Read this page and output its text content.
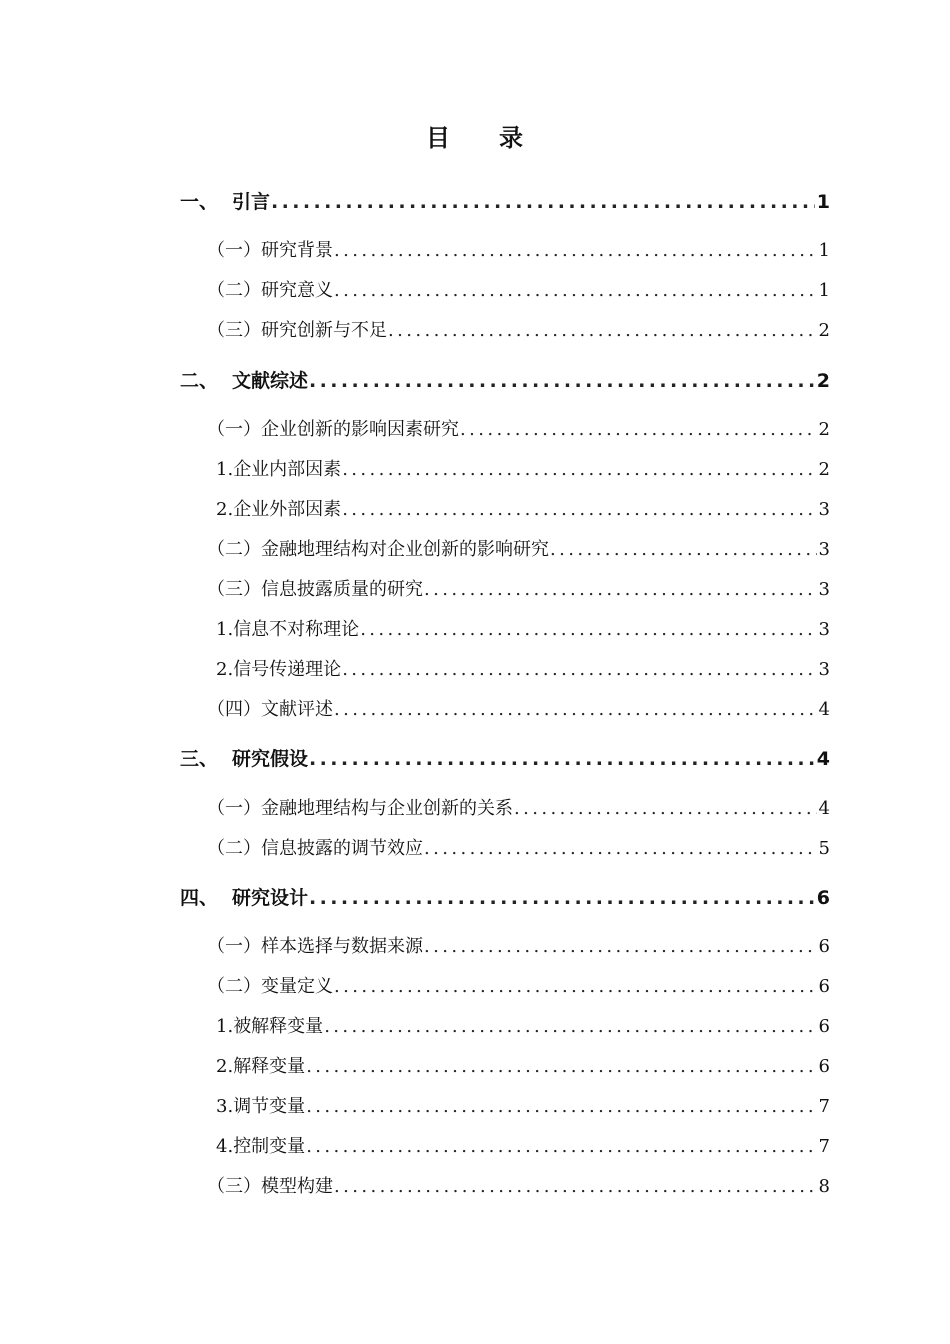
目 录
一、 引言 .....	1
（一） 研究背景 .....	1
（二） 研究意义 .....	1
（三） 研究创新与不足 .....	2
二、 文献综述 .....	2
（一） 企业创新的影响因素研究 .....	2
1. 企业内部因素 .....	2
2. 企业外部因素 .....	3
（二） 金融地理结构对企业创新的影响研究 .....	3
（三） 信息披露质量的研究 .....	3
1. 信息不对称理论 .....	3
2. 信号传递理论 .....	3
（四） 文献评述 .....	4
三、 研究假设 .....	4
（一） 金融地理结构与企业创新的关系 .....	4
（二） 信息披露的调节效应 .....	5
四、 研究设计 .....	6
（一） 样本选择与数据来源 .....	6
（二） 变量定义 .....	6
1. 被解释变量 .....	6
2. 解释变量 .....	6
3. 调节变量 .....	7
4. 控制变量 .....	7
（三） 模型构建 .....	8
